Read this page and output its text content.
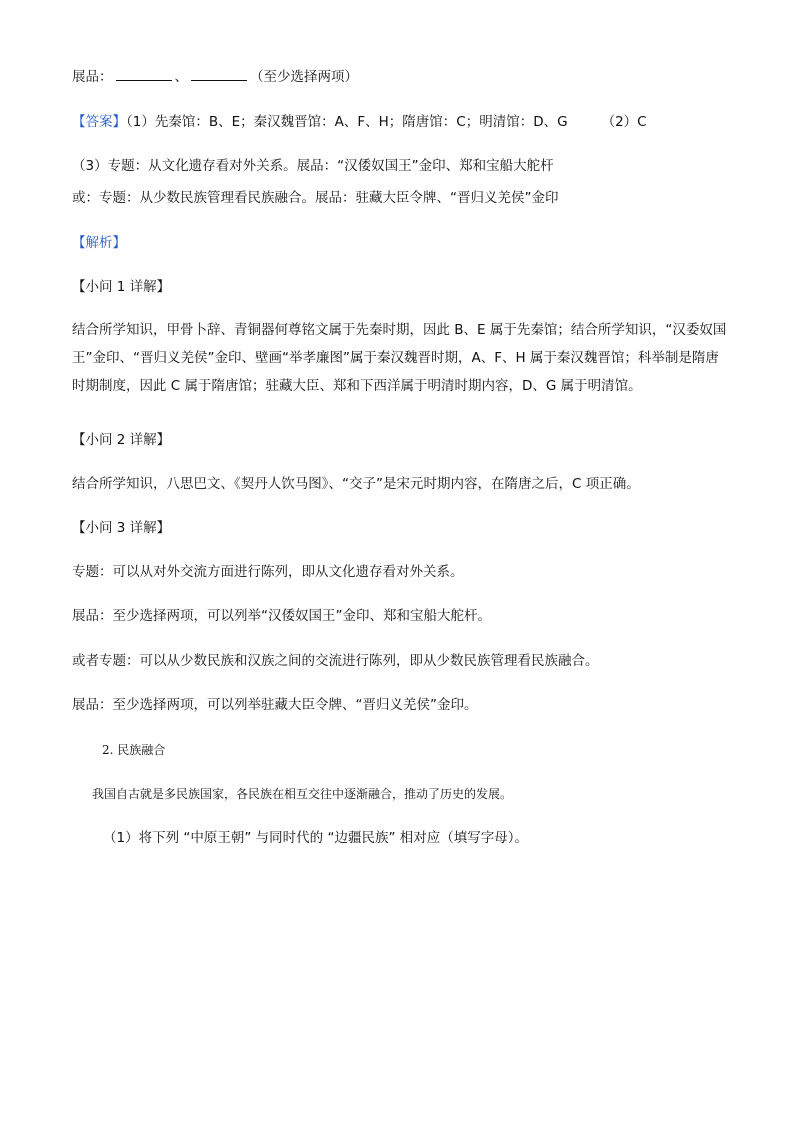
展品：	、	（至少选择两项）
【答案】（1）先秦馆：B、E；秦汉魏晋馆：A、F、H；隋唐馆：C；明清馆：D、G	（2）C
（3）专题：从文化遗存看对外关系。展品：“汉倭奴国王”金印、郑和宝船大舵杆
或：专题：从少数民族管理看民族融合。展品：驻藏大臣令牌、“晋归义羌侯”金印
【解析】
【小问 1 详解】
结合所学知识，甲骨卜辞、青铜器何尊铭文属于先秦时期，因此 B、E 属于先秦馆；结合所学知识，“汉委奴国王”金印、“晋归义羌侯”金印、壁画“举孝廉图”属于秦汉魏晋时期，A、F、H 属于秦汉魏晋馆；科举制是隋唐时期制度，因此 C 属于隋唐馆；驻藏大臣、郑和下西洋属于明清时期内容，D、G 属于明清馆。
【小问 2 详解】
结合所学知识，八思巴文、《契丹人饮马图》、“交子”是宋元时期内容，在隋唐之后，C 项正确。
【小问 3 详解】
专题：可以从对外交流方面进行陈列，即从文化遗存看对外关系。
展品：至少选择两项，可以列举“汉倭奴国王”金印、郑和宝船大舵杆。
或者专题：可以从少数民族和汉族之间的交流进行陈列，即从少数民族管理看民族融合。
展品：至少选择两项，可以列举驻藏大臣令牌、“晋归义羌侯”金印。
2. 民族融合
我国自古就是多民族国家，各民族在相互交往中逐渐融合，推动了历史的发展。
（1）将下列 “中原王朝” 与同时代的 “边疆民族” 相对应（填写字母）。
